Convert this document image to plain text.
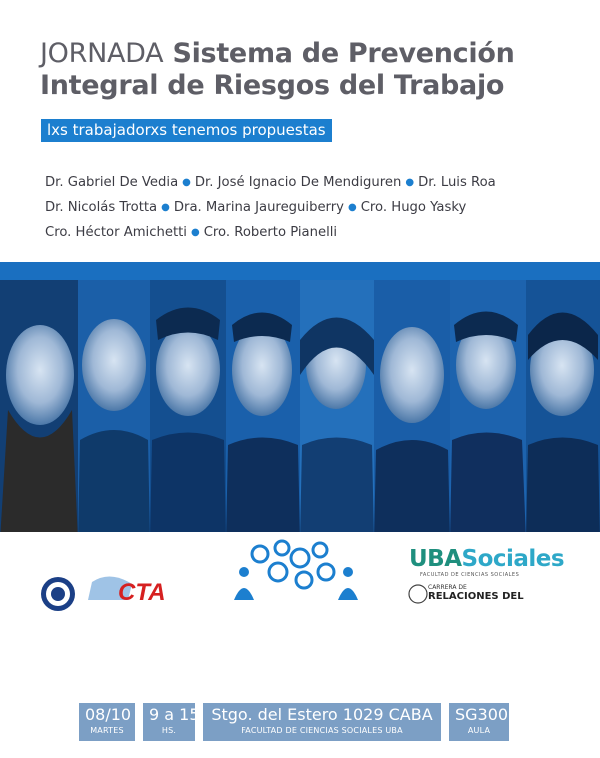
JORNADA Sistema de Prevención
Integral de Riesgos del Trabajo
lxs trabajadorxs tenemos propuestas
Dr. Gabriel De Vedia ● Dr. José Ignacio De Mendiguren ● Dr. Luis Roa
Dr. Nicolás Trotta ● Dra. Marina Jaureguiberry ● Cro. Hugo Yasky
Cro. Héctor Amichetti ● Cro. Roberto Pianelli
08/10
MARTES
9 a 15
HS.
Stgo. del Estero 1029 CABA
FACULTAD DE CIENCIAS SOCIALES UBA
SG300
AULA
CTA
UBASociales
FACULTAD DE CIENCIAS SOCIALES
CARRERA DE
RELACIONES DEL
